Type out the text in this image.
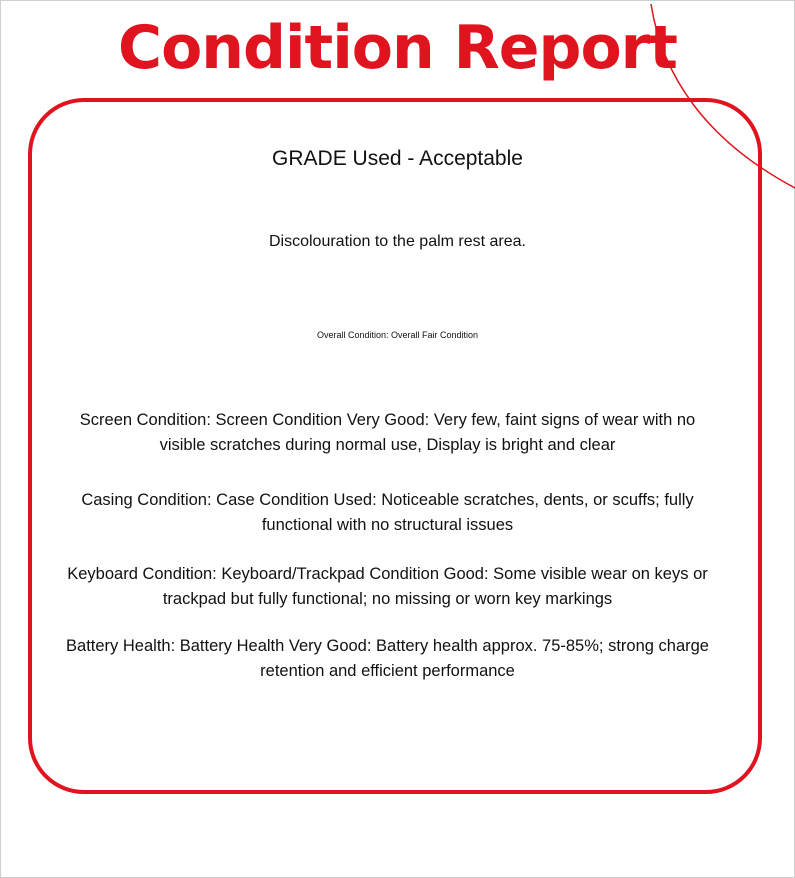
Condition Report
GRADE Used - Acceptable
Discolouration to the palm rest area.
Overall Condition: Overall Fair Condition
Screen Condition: Screen Condition Very Good: Very few, faint signs of wear with no visible scratches during normal use, Display is bright and clear
Casing Condition: Case Condition Used: Noticeable scratches, dents, or scuffs; fully functional with no structural issues
Keyboard Condition: Keyboard/Trackpad Condition Good: Some visible wear on keys or trackpad but fully functional; no missing or worn key markings
Battery Health: Battery Health Very Good: Battery health approx. 75-85%; strong charge retention and efficient performance
